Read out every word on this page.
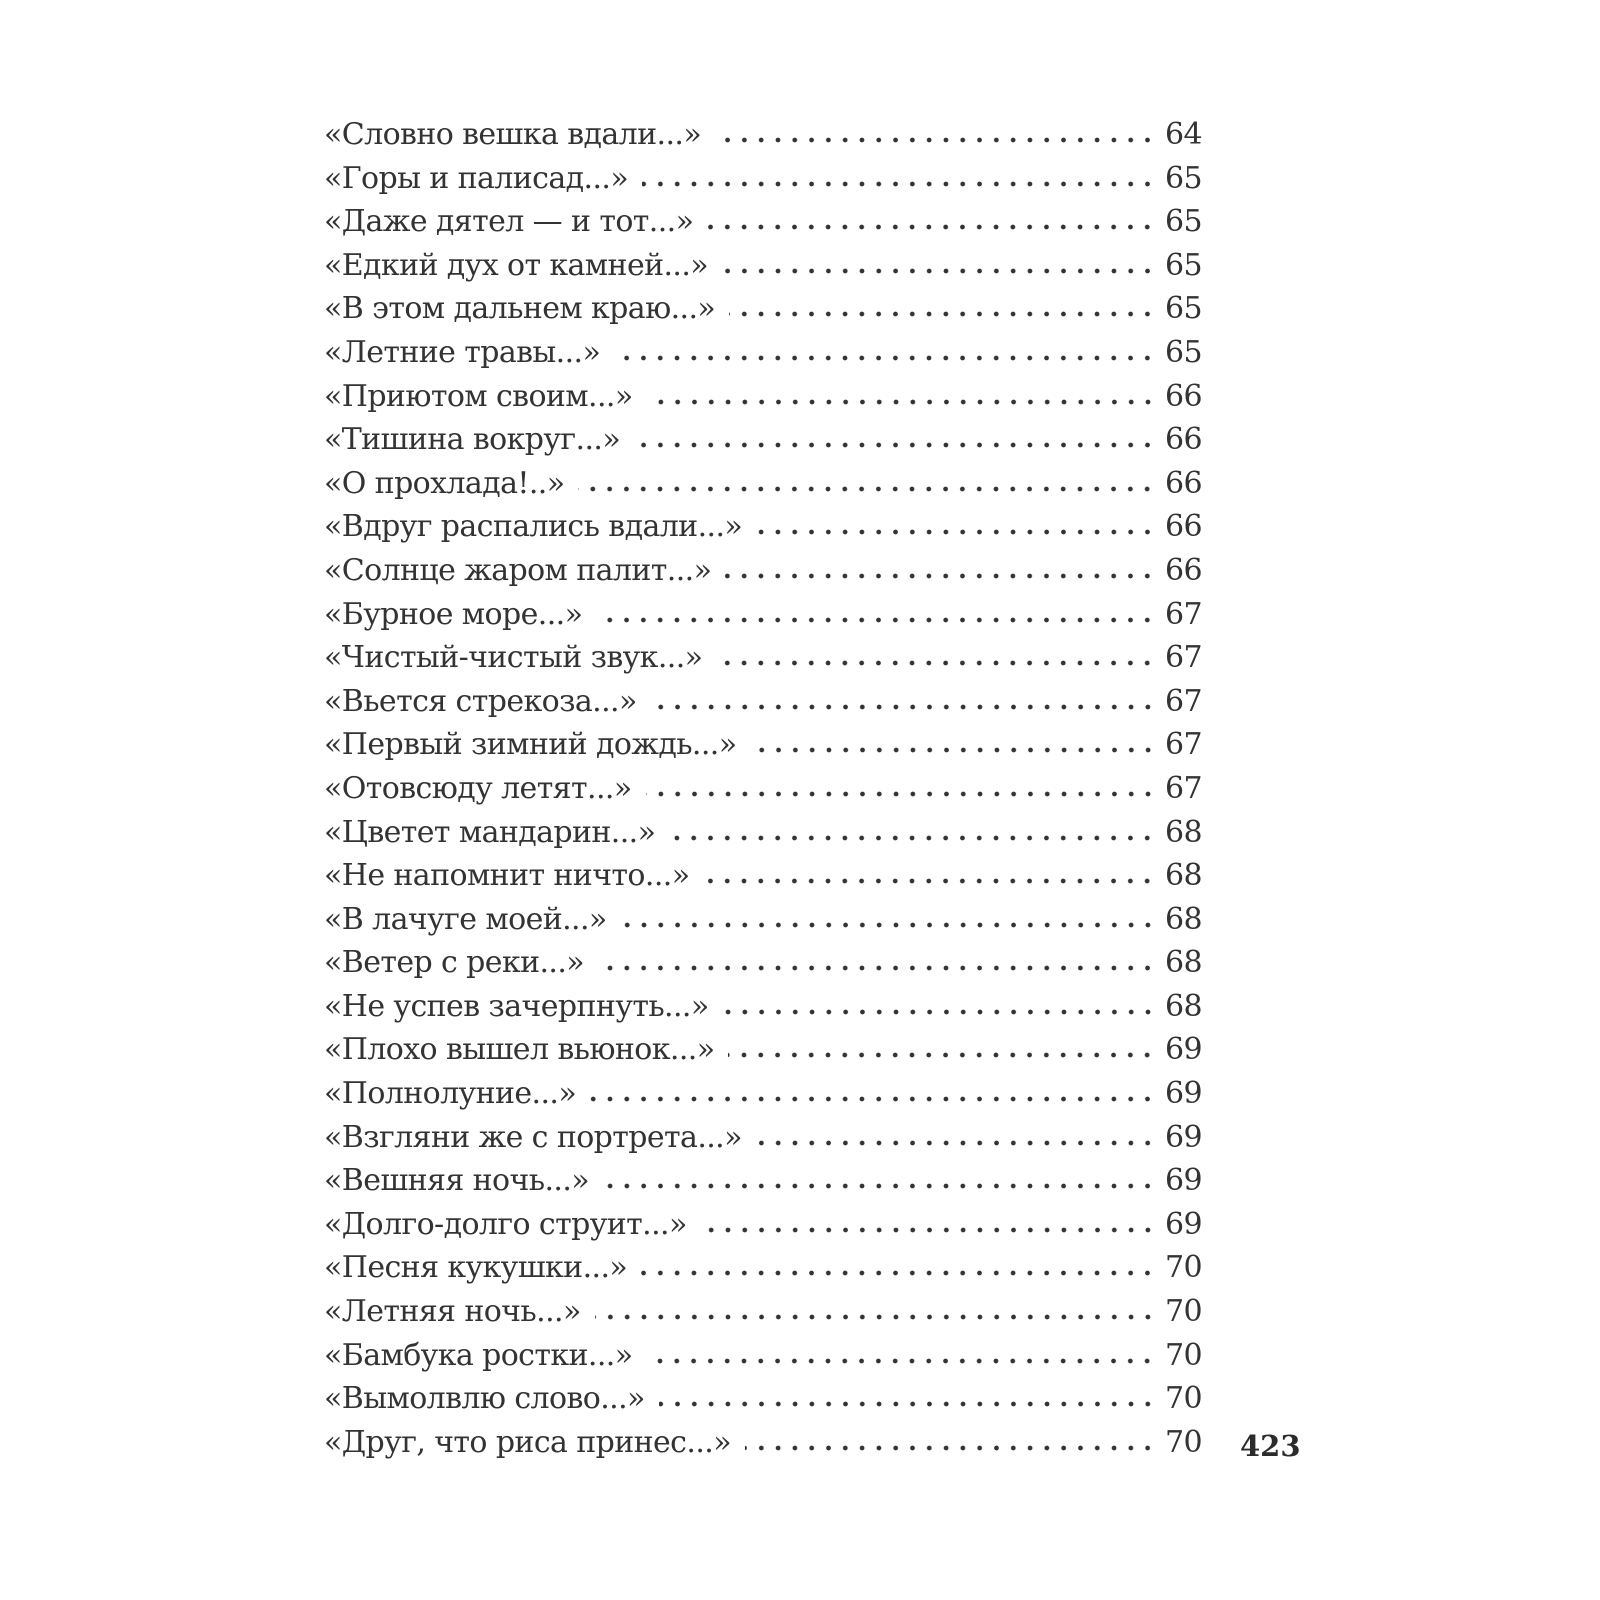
«Словно вешка вдали...»	64
«Горы и палисад...»	65
«Даже дятел — и тот...»	65
«Едкий дух от камней...»	65
«В этом дальнем краю...»	65
«Летние травы...»	65
«Приютом своим...»	66
«Тишина вокруг...»	66
«О прохлада!..»	66
«Вдруг распались вдали...»	66
«Солнце жаром палит...»	66
«Бурное море...»	67
«Чистый-чистый звук...»	67
«Вьется стрекоза...»	67
«Первый зимний дождь...»	67
«Отовсюду летят...»	67
«Цветет мандарин...»	68
«Не напомнит ничто...»	68
«В лачуге моей...»	68
«Ветер с реки...»	68
«Не успев зачерпнуть...»	68
«Плохо вышел вьюнок...»	69
«Полнолуние...»	69
«Взгляни же с портрета...»	69
«Вешняя ночь...»	69
«Долго-долго струит...»	69
«Песня кукушки...»	70
«Летняя ночь...»	70
«Бамбука ростки...»	70
«Вымолвлю слово...»	70
«Друг, что риса принес...»	70 423
